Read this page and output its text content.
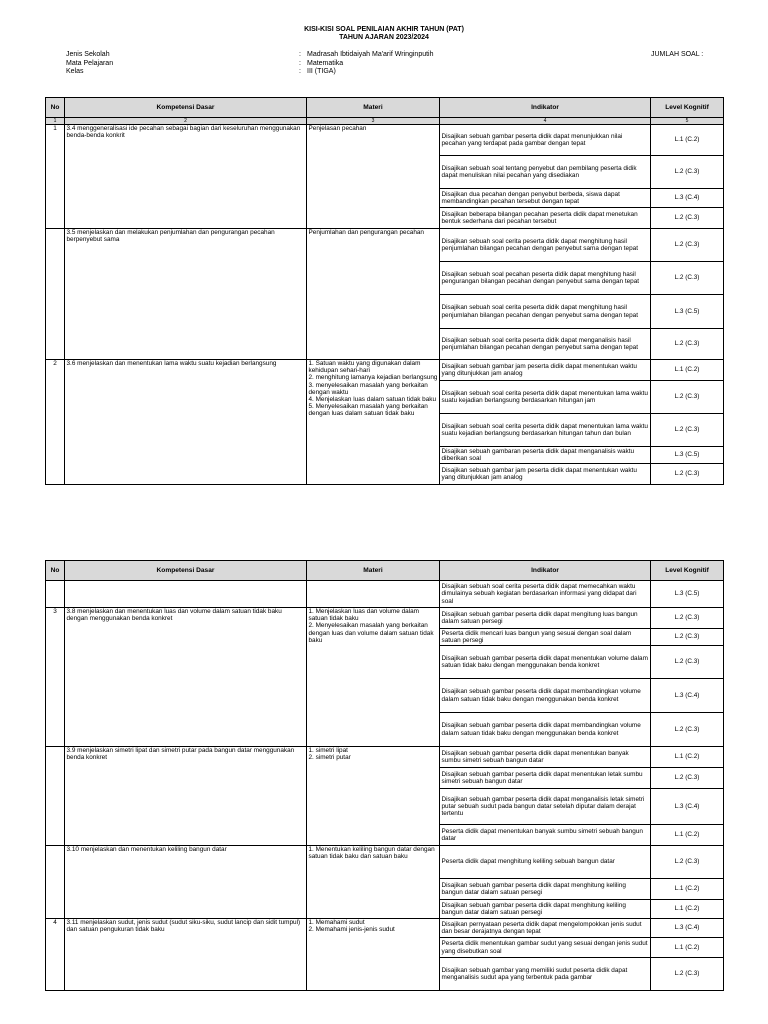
KISI-KISI SOAL PENILAIAN AKHIR TAHUN (PAT)
TAHUN AJARAN 2023/2024
Jenis Sekolah	: Madrasah Ibtidaiyah Ma'arif Wringinputih
Mata Pelajaran	: Matematika
Kelas	: III (TIGA)
JUMLAH SOAL :
No	Kompetensi Dasar	Materi	Indikator	Level Kognitif
1	2	3	4	5
1	3.4 menggeneralisasi ide pecahan sebagai bagian dari keseluruhan menggunakan benda-benda konkrit	Penjelasan pecahan	Disajikan sebuah gambar peserta didik dapat menunjukkan nilai pecahan yang terdapat pada gambar dengan tepat	L.1 (C.2)
			Disajikan sebuah soal tentang penyebut dan pembilang peserta didik dapat menuliskan nilai pecahan yang disediakan	L.2 (C.3)
			Disajikan dua pecahan dengan penyebut berbeda, siswa dapat membandingkan pecahan tersebut dengan tepat	L.3 (C.4)
			Disajikan beberapa bilangan pecahan peserta didik dapat menetukan bentuk sederhana dari pecahan tersebut	L.2 (C.3)
	3.5 menjelaskan dan melakukan penjumlahan dan pengurangan pecahan berpenyebut sama	Penjumlahan dan pengurangan pecahan	Disajikan sebuah soal cerita peserta didik dapat menghitung hasil penjumlahan bilangan pecahan dengan penyebut sama dengan tepat	L.2 (C.3)
			Disajikan sebuah soal pecahan peserta didik dapat menghitung hasil pengurangan bilangan pecahan dengan penyebut sama dengan tepat	L.2 (C.3)
			Disajikan sebuah soal cerita peserta didik dapat menghitung hasil penjumlahan bilangan pecahan dengan penyebut sama dengan tepat	L.3 (C.5)
			Disajikan sebuah soal cerita peserta didik dapat menganalisis hasil penjumlahan bilangan pecahan dengan penyebut sama dengan tepat	L.2 (C.3)
2	3.6 menjelaskan dan menentukan lama waktu suatu kejadian berlangsung	1. Satuan waktu yang digunakan dalam kehidupan sehari-hari
2. menghitung lamanya kejadian berlangsung
3. menyelesaikan masalah yang berkaitan dengan waktu
4. Menjelaskan luas dalam satuan tidak baku
5. Menyelesaikan masalah yang berkaitan dengan luas dalam satuan tidak baku	Disajikan sebuah gambar jam peserta didik dapat menentukan waktu yang ditunjukkan jam analog	L.1 (C.2)
			Disajikan sebuah soal cerita peserta didik dapat menentukan lama waktu suatu kejadian berlangsung berdasarkan hitungan jam	L.2 (C.3)
			Disajikan sebuah soal cerita peserta didik dapat menentukan lama waktu suatu kejadian berlangsung berdasarkan hitungan tahun dan bulan	L.2 (C.3)
			Disajikan sebuah gambaran peserta didik dapat menganalisis waktu diberikan soal	L.3 (C.5)
			Disajikan sebuah gambar jam peserta didik dapat menentukan waktu yang ditunjukkan jam analog	L.2 (C.3)
No	Kompetensi Dasar	Materi	Indikator	Level Kognitif
			Disajikan sebuah soal cerita peserta didik dapat memecahkan waktu dimulainya sebuah kegiatan berdasarkan informasi yang didapat dari soal	L.3 (C.5)
3	3.8 menjelaskan dan menentukan luas dan volume dalam satuan tidak baku dengan menggunakan benda konkret	1. Menjelaskan luas dan volume dalam satuan tidak baku
2. Menyelesaikan masalah yang berkaitan dengan luas dan volume dalam satuan tidak baku	Disajikan sebuah gambar peserta didik dapat mengitung luas bangun dalam satuan persegi	L.2 (C.3)
			Peserta didik mencari luas bangun yang sesuai dengan soal dalam satuan persegi	L.2 (C.3)
			Disajikan sebuah gambar peserta didik dapat menentukan volume dalam satuan tidak baku dengan menggunakan benda konkret	L.2 (C.3)
			Disajikan sebuah gambar peserta didik dapat membandingkan volume dalam satuan tidak baku dengan menggunakan benda konkret	L.3 (C.4)
			Disajikan sebuah gambar peserta didik dapat membandingkan volume dalam satuan tidak baku dengan menggunakan benda konkret	L.2 (C.3)
	3.9 menjelaskan simetri lipat dan simetri putar pada bangun datar menggunakan benda konkret	1. simetri lipat
2. simetri putar	Disajikan sebuah gambar peserta didik dapat menentukan banyak sumbu simetri sebuah bangun datar	L.1 (C.2)
			Disajikan sebuah gambar peserta didik dapat menentukan letak sumbu simetri sebuah bangun datar	L.2 (C.3)
			Disajikan sebuah gambar peserta didik dapat menganalisis letak simetri putar sebuah sudut pada bangun datar setelah diputar dalam derajat tertentu	L.3 (C.4)
			Peserta didik dapat menentukan banyak sumbu simetri sebuah bangun datar	L.1 (C.2)
	3.10 menjelaskan dan menentukan keliling bangun datar	1. Menentukan keliling bangun datar dengan satuan tidak baku dan satuan baku	Peserta didik dapat menghitung keliling sebuah bangun datar	L.2 (C.3)
			Disajikan sebuah gambar peserta didik dapat menghitung keliling bangun datar dalam satuan persegi	L.1 (C.2)
			Disajikan sebuah gambar peserta didik dapat menghitung keliling bangun datar dalam satuan persegi	L.1 (C.2)
4	3.11 menjelaskan sudut, jenis sudut (sudut siku-siku, sudut lancip dan sidit tumpul) dan satuan pengukuran tidak baku	1. Memahami sudut
2. Memahami jenis-jenis sudut	Disajikan pernyataan peserta didik dapat mengelompokkan jenis sudut dan besar derajatnya dengan tepat	L.3 (C.4)
			Peserta didik menentukan gambar sudut yang sesuai dengan jenis sudut yang disebutkan soal	L.1 (C.2)
			Disajikan sebuah gambar yang memiliki sudut peserta didik dapat menganalisis sudut apa yang terbentuk pada gambar	L.2 (C.3)
